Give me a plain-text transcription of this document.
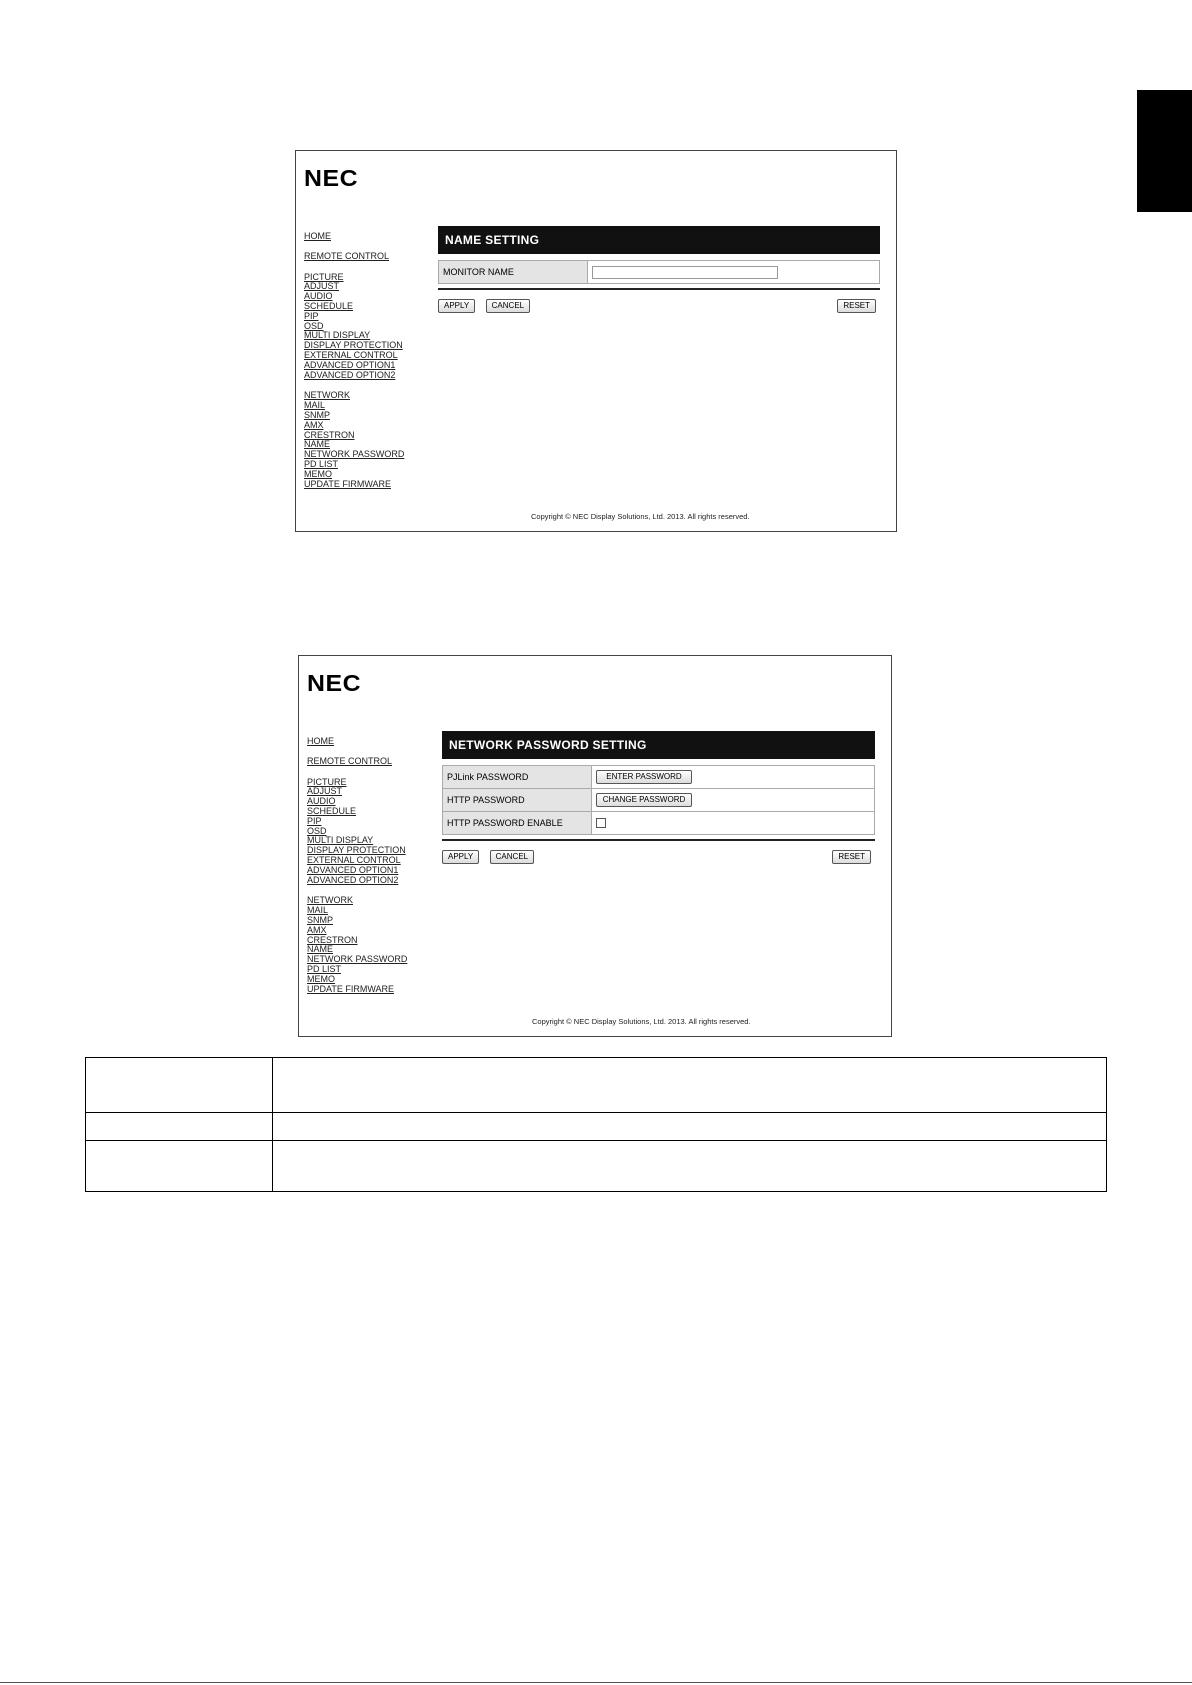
NEC
HOME
REMOTE CONTROL
PICTURE
ADJUST
AUDIO
SCHEDULE
PIP
OSD
MULTI DISPLAY
DISPLAY PROTECTION
EXTERNAL CONTROL
ADVANCED OPTION1
ADVANCED OPTION2
NETWORK
MAIL
SNMP
AMX
CRESTRON
NAME
NETWORK PASSWORD
PD LIST
MEMO
UPDATE FIRMWARE
NAME SETTING
MONITOR NAME	
APPLY	CANCEL	RESET
Copyright © NEC Display Solutions, Ltd. 2013. All rights reserved.
NEC
HOME
REMOTE CONTROL
PICTURE
ADJUST
AUDIO
SCHEDULE
PIP
OSD
MULTI DISPLAY
DISPLAY PROTECTION
EXTERNAL CONTROL
ADVANCED OPTION1
ADVANCED OPTION2
NETWORK
MAIL
SNMP
AMX
CRESTRON
NAME
NETWORK PASSWORD
PD LIST
MEMO
UPDATE FIRMWARE
NETWORK PASSWORD SETTING
PJLink PASSWORD	ENTER PASSWORD
HTTP PASSWORD	CHANGE PASSWORD
HTTP PASSWORD ENABLE	
APPLY	CANCEL	RESET
Copyright © NEC Display Solutions, Ltd. 2013. All rights reserved.
